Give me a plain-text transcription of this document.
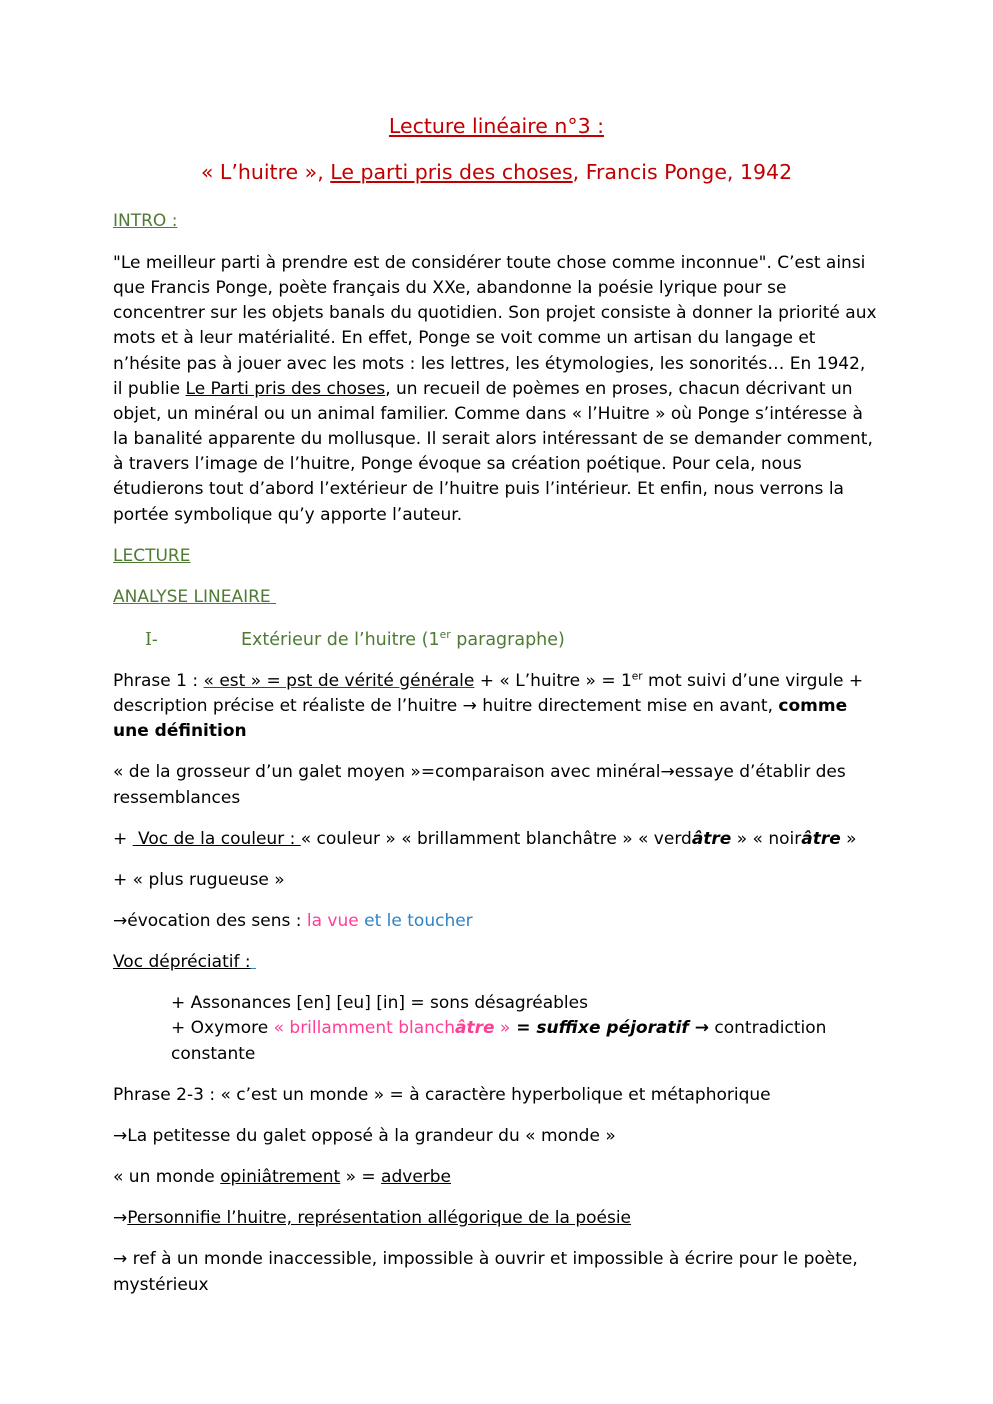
Lecture linéaire n°3 :
« L’huitre », Le parti pris des choses, Francis Ponge, 1942

INTRO :

"Le meilleur parti à prendre est de considérer toute chose comme inconnue". C’est ainsi que Francis Ponge, poète français du XXe, abandonne la poésie lyrique pour se concentrer sur les objets banals du quotidien. Son projet consiste à donner la priorité aux mots et à leur matérialité. En effet, Ponge se voit comme un artisan du langage et n’hésite pas à jouer avec les mots : les lettres, les étymologies, les sonorités… En 1942, il publie Le Parti pris des choses, un recueil de poèmes en proses, chacun décrivant un objet, un minéral ou un animal familier. Comme dans « l’Huitre » où Ponge s’intéresse à la banalité apparente du mollusque. Il serait alors intéressant de se demander comment, à travers l’image de l’huitre, Ponge évoque sa création poétique. Pour cela, nous étudierons tout d’abord l’extérieur de l’huitre puis l’intérieur. Et enfin, nous verrons la portée symbolique qu’y apporte l’auteur.

LECTURE

ANALYSE LINEAIRE

I-	Extérieur de l’huitre (1er paragraphe)

Phrase 1 : « est » = pst de vérité générale + « L’huitre » = 1er mot suivi d’une virgule + description précise et réaliste de l’huitre → huitre directement mise en avant, comme une définition

« de la grosseur d’un galet moyen »=comparaison avec minéral→essaye d’établir des ressemblances

+  Voc de la couleur : « couleur » « brillamment blanchâtre » « verdâtre » « noirâtre »

+ « plus rugueuse »

→évocation des sens : la vue et le toucher

Voc dépréciatif :

+ Assonances [en] [eu] [in] = sons désagréables
+ Oxymore « brillamment blanchâtre » = suffixe péjoratif → contradiction constante

Phrase 2-3 : « c’est un monde » = à caractère hyperbolique et métaphorique

→La petitesse du galet opposé à la grandeur du « monde »

« un monde opiniâtrement » = adverbe

→Personnifie l’huitre, représentation allégorique de la poésie

→ ref à un monde inaccessible, impossible à ouvrir et impossible à écrire pour le poète, mystérieux
